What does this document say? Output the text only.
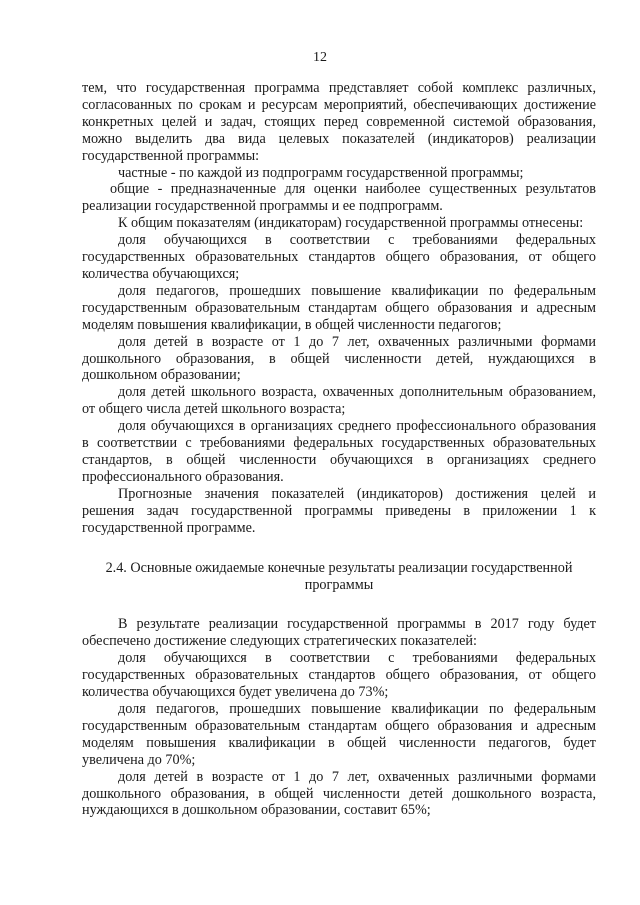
12

тем, что государственная программа представляет собой комплекс различных, согласованных по срокам и ресурсам мероприятий, обеспечивающих достижение конкретных целей и задач, стоящих перед современной системой образования, можно выделить два вида целевых показателей (индикаторов) реализации государственной программы:

частные - по каждой из подпрограмм государственной программы;

общие - предназначенные для оценки наиболее существенных результатов реализации государственной программы и ее подпрограмм.

К общим показателям (индикаторам) государственной программы отнесены:

доля обучающихся в соответствии с требованиями федеральных государственных образовательных стандартов общего образования, от общего количества обучающихся;

доля педагогов, прошедших повышение квалификации по федеральным государственным образовательным стандартам общего образования и адресным моделям повышения квалификации, в общей численности педагогов;

доля детей в возрасте от 1 до 7 лет, охваченных различными формами дошкольного образования, в общей численности детей, нуждающихся в дошкольном образовании;

доля детей школьного возраста, охваченных дополнительным образованием, от общего числа детей школьного возраста;

доля обучающихся в организациях среднего профессионального образования в соответствии с требованиями федеральных государственных образовательных стандартов, в общей численности обучающихся в организациях среднего профессионального образования.

Прогнозные значения показателей (индикаторов) достижения целей и решения задач государственной программы приведены в приложении 1 к государственной программе.

2.4. Основные ожидаемые конечные результаты реализации государственной программы

В результате реализации государственной программы в 2017 году будет обеспечено достижение следующих стратегических показателей:

доля обучающихся в соответствии с требованиями федеральных государственных образовательных стандартов общего образования, от общего количества обучающихся будет увеличена до 73%;

доля педагогов, прошедших повышение квалификации по федеральным государственным образовательным стандартам общего образования и адресным моделям повышения квалификации в общей численности педагогов, будет увеличена до 70%;

доля детей в возрасте от 1 до 7 лет, охваченных различными формами дошкольного образования, в общей численности детей дошкольного возраста, нуждающихся в дошкольном образовании, составит 65%;
